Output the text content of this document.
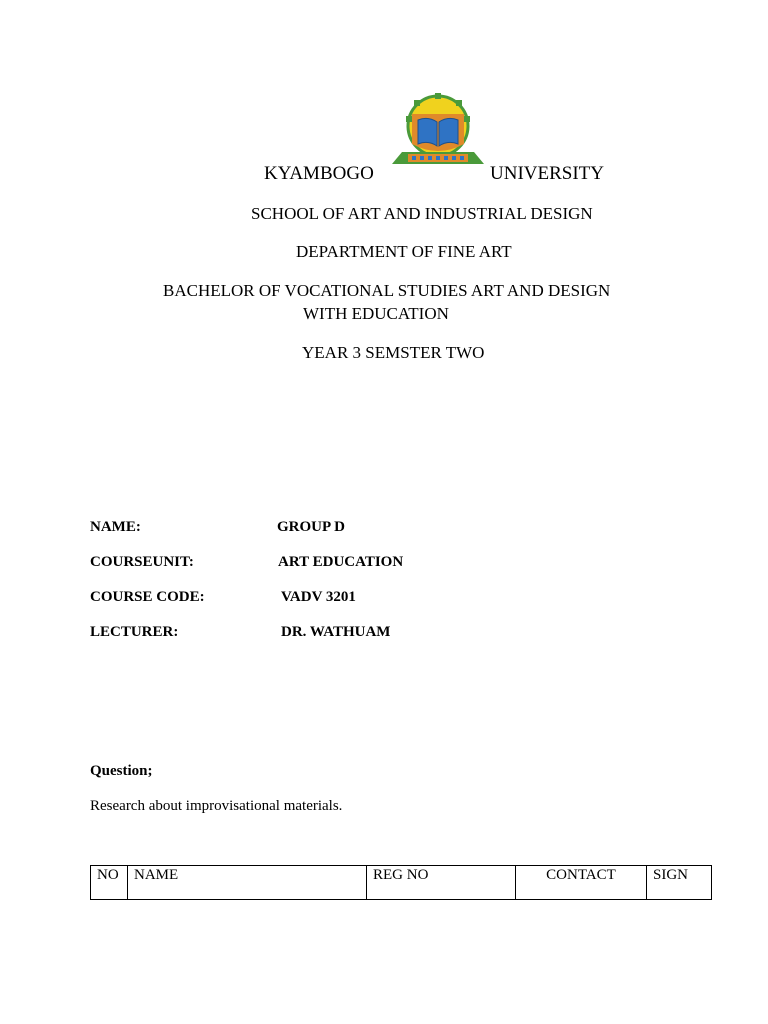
KYAMBOGO	UNIVERSITY
SCHOOL OF ART AND INDUSTRIAL DESIGN
DEPARTMENT OF FINE ART
BACHELOR OF VOCATIONAL STUDIES ART AND DESIGN
WITH EDUCATION
YEAR 3 SEMSTER TWO
NAME:	GROUP D
COURSEUNIT:	ART EDUCATION
COURSE CODE:	VADV 3201
LECTURER:	DR. WATHUAM
Question;
Research about improvisational materials.
NO	NAME	REG NO	CONTACT	SIGN
